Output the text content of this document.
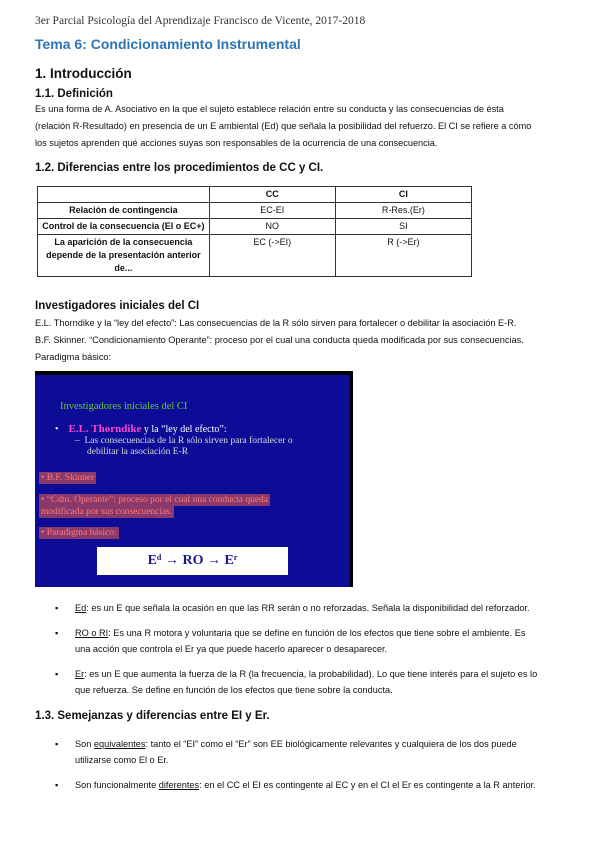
3er Parcial Psicología del Aprendizaje Francisco de Vicente, 2017-2018
Tema 6: Condicionamiento Instrumental
1. Introducción
1.1. Definición

Es una forma de A. Asociativo en la que el sujeto establece relación entre su conducta y las consecuencias de ésta

(relación R-Resultado) en presencia de un E ambiental (Ed) que señala la posibilidad del refuerzo. El CI se refiere a cómo

los sujetos aprenden qué acciones suyas son responsables de la ocurrencia de una consecuencia.

1.2. Diferencias entre los procedimientos de CC y CI.
	CC	CI
Relación de contingencia	EC-EI	R-Res.(Er)
Control de la consecuencia (EI o EC+)	NO	SI
La aparición de la consecuencia depende de la presentación anterior de...	EC (->EI)	R (->Er)
Investigadores iniciales del CI

E.L. Thorndike y la “ley del efecto”: Las consecuencias de la R sólo sirven para fortalecer o debilitar la asociación E-R.

B.F. Skinner. “Condicionamiento Operante”: proceso por el cual una conducta queda modificada por sus consecuencias.

Paradigma básico:

Investigadores iniciales del CI
•    E.L. Thorndike y la “ley del efecto”:
–  Las consecuencias de la R sólo sirven para fortalecer o
debilitar la asociación E-R
• B.F. Skinner
• “Cdto. Operante”: proceso por el cual una conducta queda
modificada por sus consecuencias.
• Paradigma básico:
Eᵈ → RO → Eʳ
▪ Ed: es un E que señala la ocasión en que las RR serán o no reforzadas. Señala la disponibilidad del reforzador.
▪ RO o RI: Es una R motora y voluntaria que se define en función de los efectos que tiene sobre el ambiente. Es
una acción que controla el Er ya que puede hacerlo aparecer o desaparecer.
▪ Er: es un E que aumenta la fuerza de la R (la frecuencia, la probabilidad). Lo que tiene interés para el sujeto es lo
que refuerza. Se define en función de los efectos que tiene sobre la conducta.
1.3. Semejanzas y diferencias entre EI y Er.
▪ Son equivalentes: tanto el “EI” como el “Er” son EE biológicamente relevantes y cualquiera de los dos puede
utilizarse como El o Er.
▪ Son funcionalmente diferentes: en el CC el EI es contingente al EC y en el CI el Er es contingente a la R anterior.
